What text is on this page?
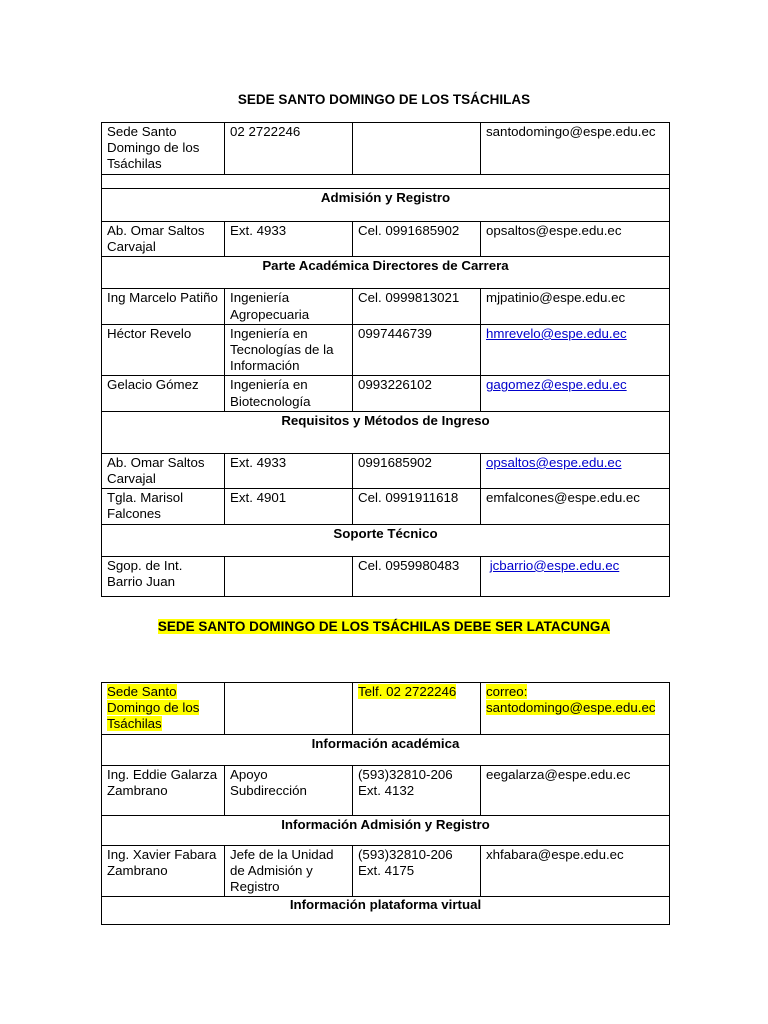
SEDE SANTO DOMINGO DE LOS TSÁCHILAS
Sede Santo Domingo de los Tsáchilas	02 2722246		santodomingo@espe.edu.ec

Admisión y Registro			
Ab. Omar Saltos Carvajal	Ext. 4933	Cel. 0991685902	opsaltos@espe.edu.ec
Parte Académica Directores de Carrera			
Ing Marcelo Patiño	Ingeniería Agropecuaria	Cel. 0999813021	mjpatinio@espe.edu.ec
Héctor Revelo	Ingeniería en Tecnologías de la Información	0997446739	hmrevelo@espe.edu.ec
Gelacio Gómez	Ingeniería en Biotecnología	0993226102	gagomez@espe.edu.ec
Requisitos y Métodos de Ingreso			
Ab. Omar Saltos Carvajal	Ext. 4933	0991685902	opsaltos@espe.edu.ec
Tgla. Marisol Falcones	Ext. 4901	Cel. 0991911618	emfalcones@espe.edu.ec
Soporte Técnico			
Sgop. de Int. Barrio Juan		Cel. 0959980483	jcbarrio@espe.edu.ec
SEDE SANTO DOMINGO DE LOS TSÁCHILAS DEBE SER LATACUNGA
Sede Santo Domingo de los Tsáchilas		Telf. 02 2722246	correo: santodomingo@espe.edu.ec
Información académica			
Ing. Eddie Galarza Zambrano	Apoyo Subdirección	(593)32810-206 Ext. 4132	eegalarza@espe.edu.ec
Información Admisión y Registro			
Ing. Xavier Fabara Zambrano	Jefe de la Unidad de Admisión y Registro	(593)32810-206 Ext. 4175	xhfabara@espe.edu.ec
Información plataforma virtual			
